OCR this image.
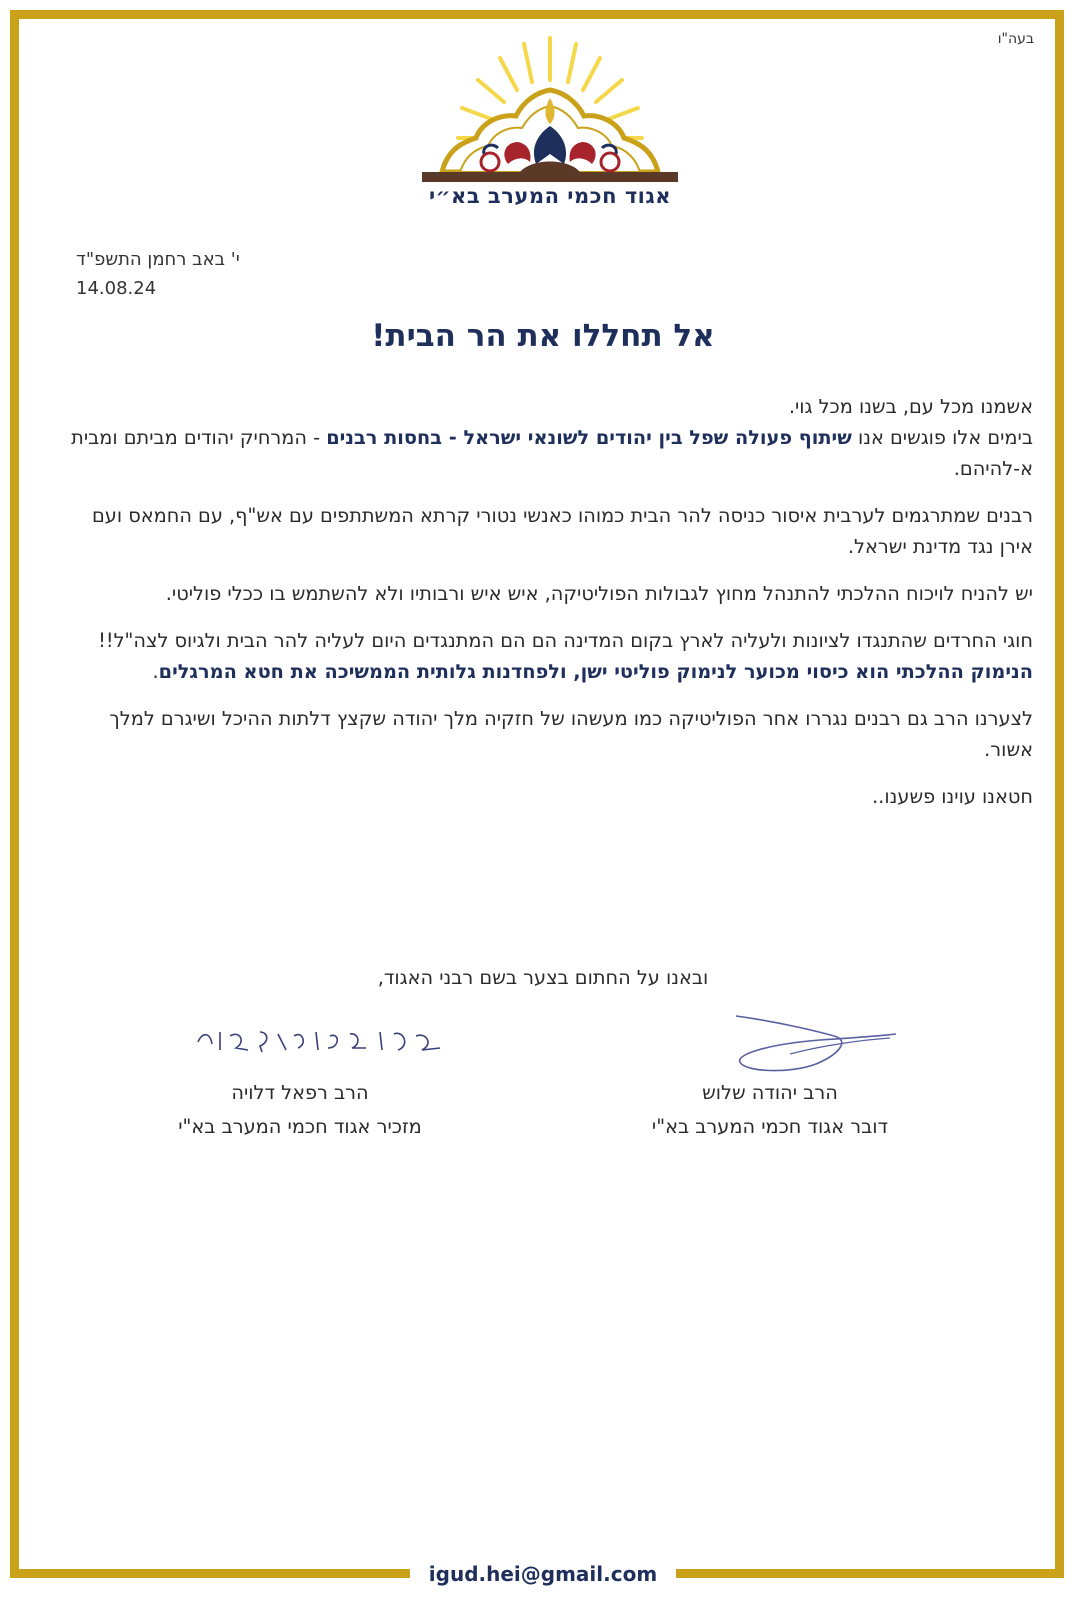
בעה"ו
אגוד חכמי המערב בא״י
י' באב רחמן התשפ"ד
14.08.24
אל תחללו את הר הבית!

אשמנו מכל עם, בשנו מכל גוי.

בימים אלו פוגשים אנו שיתוף פעולה שפל בין יהודים לשונאי ישראל - בחסות רבנים - המרחיק יהודים מביתם ומבית א-להיהם.

רבנים שמתרגמים לערבית איסור כניסה להר הבית כמוהו כאנשי נטורי קרתא המשתתפים עם אש"ף, עם החמאס ועם אירן נגד מדינת ישראל.

יש להניח לויכוח ההלכתי להתנהל מחוץ לגבולות הפוליטיקה, איש איש ורבותיו ולא להשתמש בו ככלי פוליטי.

חוגי החרדים שהתנגדו לציונות ולעליה לארץ בקום המדינה הם הם המתנגדים היום לעליה להר הבית ולגיוס לצה"ל!! הנימוק ההלכתי הוא כיסוי מכוער לנימוק פוליטי ישן, ולפחדנות גלותית הממשיכה את חטא המרגלים.

לצערנו הרב גם רבנים נגררו אחר הפוליטיקה כמו מעשהו של חזקיה מלך יהודה שקצץ דלתות ההיכל ושיגרם למלך אשור.

חטאנו עוינו פשענו..

ובאנו על החתום בצער בשם רבני האגוד,
הרב יהודה שלוש
דובר אגוד חכמי המערב בא"י
הרב רפאל דלויה
מזכיר אגוד חכמי המערב בא"י
igud.hei@gmail.com
